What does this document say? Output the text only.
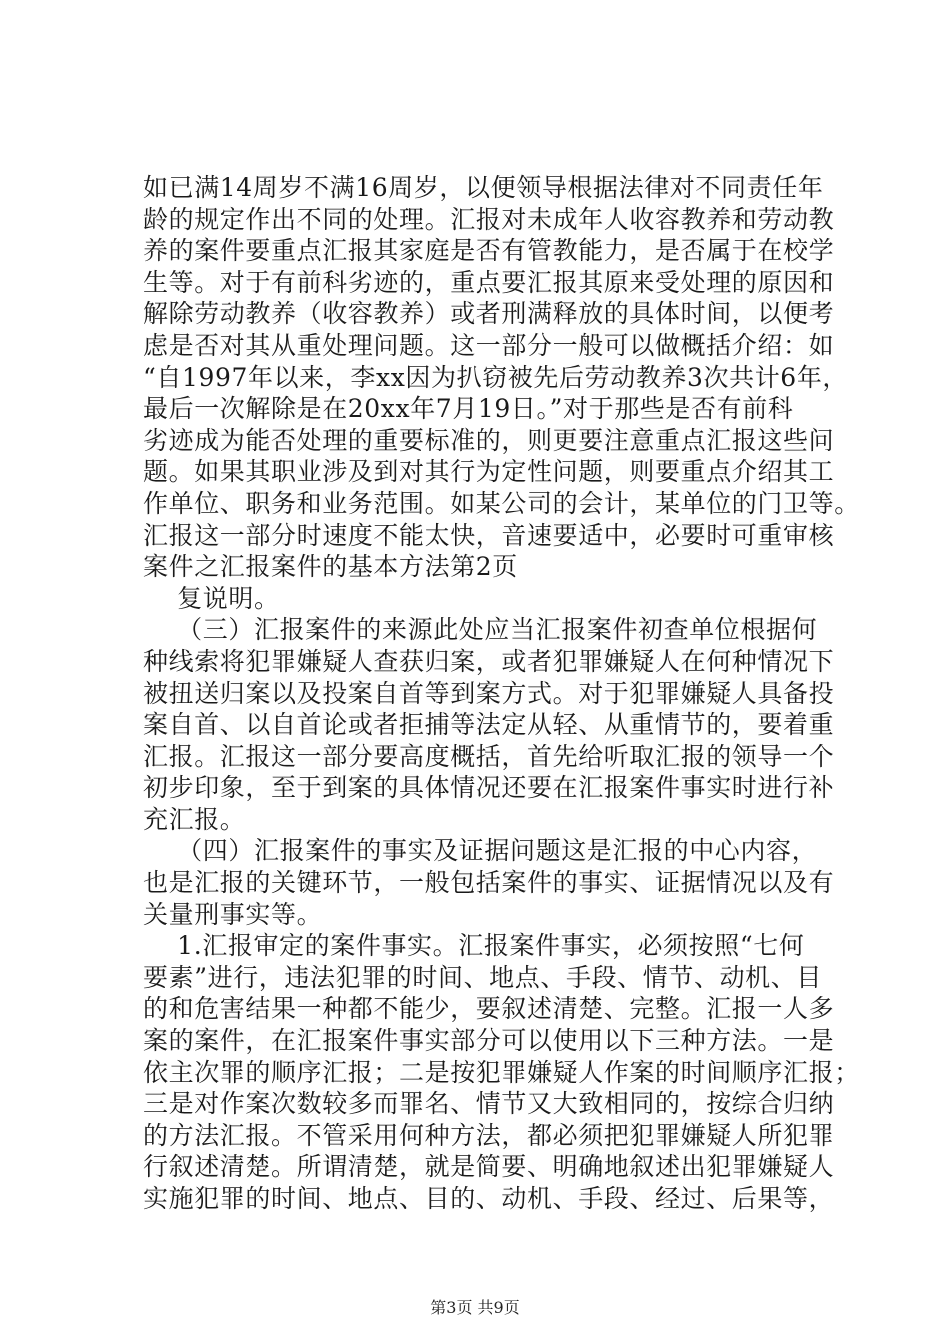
如已满14周岁不满16周岁，以便领导根据法律对不同责任年
龄的规定作出不同的处理。汇报对未成年人收容教养和劳动教
养的案件要重点汇报其家庭是否有管教能力，是否属于在校学
生等。对于有前科劣迹的，重点要汇报其原来受处理的原因和
解除劳动教养（收容教养）或者刑满释放的具体时间，以便考
虑是否对其从重处理问题。这一部分一般可以做概括介绍：如
“自1997年以来，李xx因为扒窃被先后劳动教养3次共计6年，
最后一次解除是在20xx年7月19日。”对于那些是否有前科
劣迹成为能否处理的重要标准的，则更要注意重点汇报这些问
题。如果其职业涉及到对其行为定性问题，则要重点介绍其工
作单位、职务和业务范围。如某公司的会计，某单位的门卫等。
汇报这一部分时速度不能太快，音速要适中，必要时可重审核
案件之汇报案件的基本方法第2页
复说明。
（三）汇报案件的来源此处应当汇报案件初查单位根据何
种线索将犯罪嫌疑人查获归案，或者犯罪嫌疑人在何种情况下
被扭送归案以及投案自首等到案方式。对于犯罪嫌疑人具备投
案自首、以自首论或者拒捕等法定从轻、从重情节的，要着重
汇报。汇报这一部分要高度概括，首先给听取汇报的领导一个
初步印象，至于到案的具体情况还要在汇报案件事实时进行补
充汇报。
（四）汇报案件的事实及证据问题这是汇报的中心内容，
也是汇报的关键环节，一般包括案件的事实、证据情况以及有
关量刑事实等。
1.汇报审定的案件事实。汇报案件事实，必须按照“七何
要素”进行，违法犯罪的时间、地点、手段、情节、动机、目
的和危害结果一种都不能少，要叙述清楚、完整。汇报一人多
案的案件，在汇报案件事实部分可以使用以下三种方法。一是
依主次罪的顺序汇报；二是按犯罪嫌疑人作案的时间顺序汇报；
三是对作案次数较多而罪名、情节又大致相同的，按综合归纳
的方法汇报。不管采用何种方法，都必须把犯罪嫌疑人所犯罪
行叙述清楚。所谓清楚，就是简要、明确地叙述出犯罪嫌疑人
实施犯罪的时间、地点、目的、动机、手段、经过、后果等，
第3页 共9页
